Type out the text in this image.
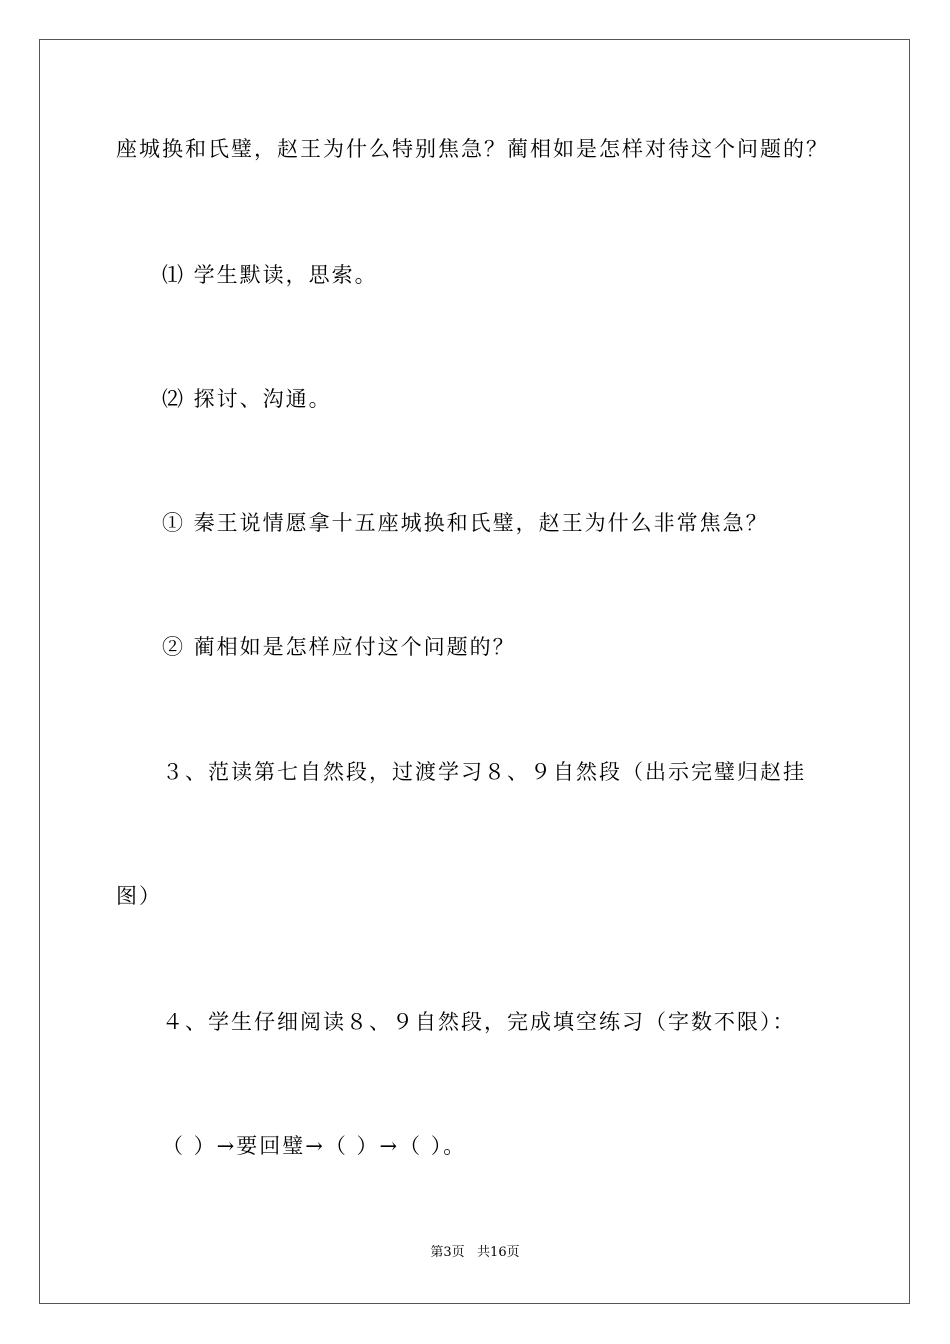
座城换和氏璧，赵王为什么特别焦急？蔺相如是怎样对待这个问题的？
⑴ 学生默读，思索。
⑵ 探讨、沟通。
① 秦王说情愿拿十五座城换和氏璧，赵王为什么非常焦急？
② 蔺相如是怎样应付这个问题的？
３、范读第七自然段，过渡学习８、９自然段（出示完璧归赵挂
图）
４、学生仔细阅读８、９自然段，完成填空练习（字数不限）：
（ ）→要回璧→（ ）→（ ）。
第3页   共16页
